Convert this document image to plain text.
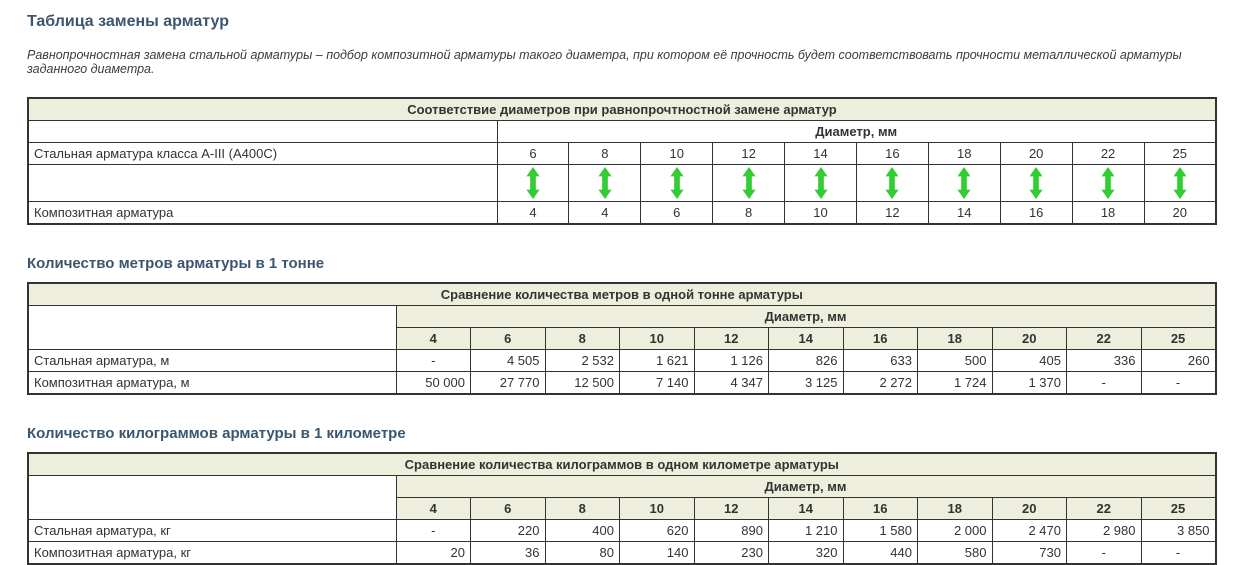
Таблица замены арматур

Равнопрочностная замена стальной арматуры – подбор композитной арматуры такого диаметра, при котором её прочность будет соответствовать прочности металлической арматуры заданного диаметра.

Соответствие диаметров при равнопрочтностной замене арматур										
	Диаметр, мм									
Стальная арматура класса А-III (А400С)	6	8	10	12	14	16	18	20	22	25

Композитная арматура	4	4	6	8	10	12	14	16	18	20
Количество метров арматуры в 1 тонне
Сравнение количества метров в одной тонне арматуры											
	Диаметр, мм										
	4	6	8	10	12	14	16	18	20	22	25
Стальная арматура, м	-	4 505	2 532	1 621	1 126	826	633	500	405	336	260
Композитная арматура, м	50 000	27 770	12 500	7 140	4 347	3 125	2 272	1 724	1 370	-	-
Количество килограммов арматуры в 1 километре
Сравнение количества килограммов в одном километре арматуры											
	Диаметр, мм										
	4	6	8	10	12	14	16	18	20	22	25
Стальная арматура, кг	-	220	400	620	890	1 210	1 580	2 000	2 470	2 980	3 850
Композитная арматура, кг	20	36	80	140	230	320	440	580	730	-	-
